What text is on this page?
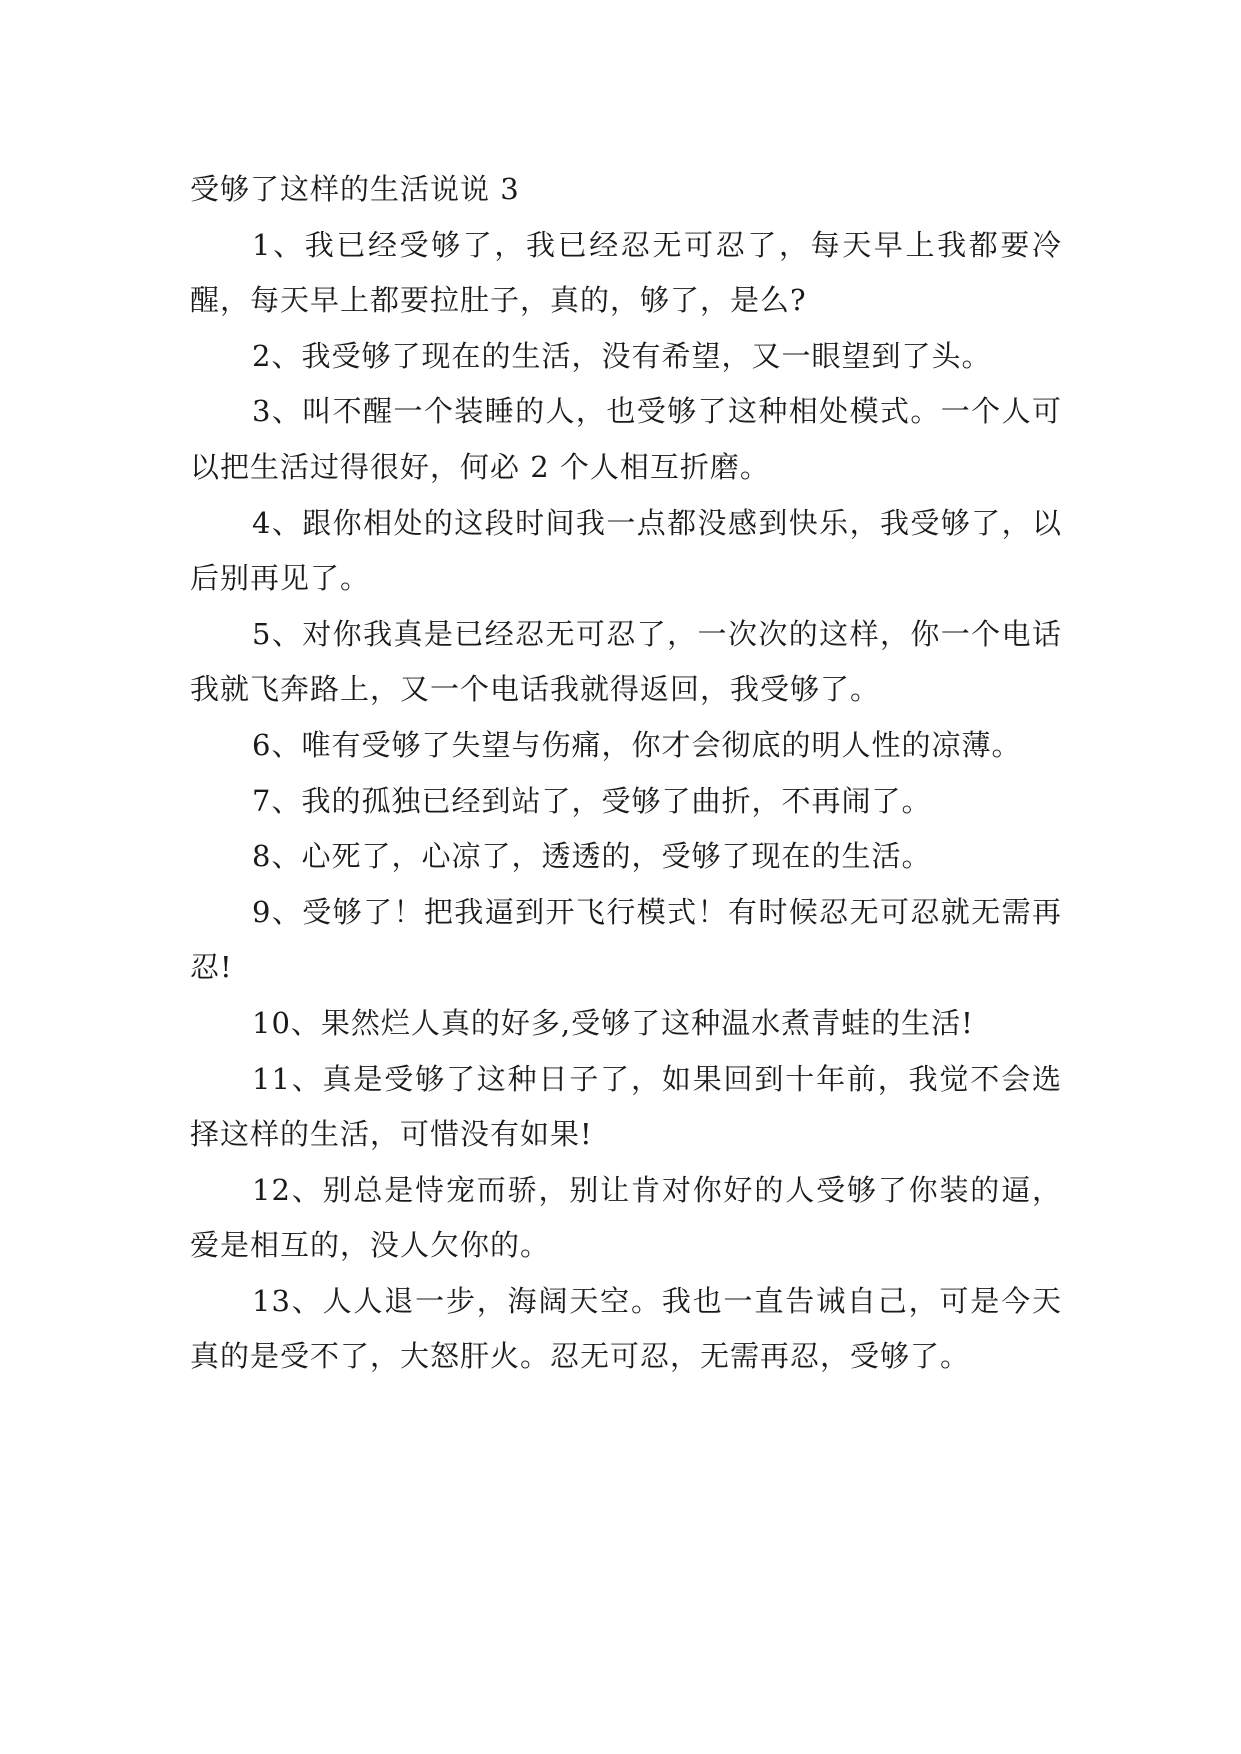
受够了这样的生活说说 3

1、我已经受够了，我已经忍无可忍了，每天早上我都要冷醒，每天早上都要拉肚子，真的，够了，是么?

2、我受够了现在的生活，没有希望，又一眼望到了头。

3、叫不醒一个装睡的人，也受够了这种相处模式。一个人可以把生活过得很好，何必 2 个人相互折磨。

4、跟你相处的这段时间我一点都没感到快乐，我受够了，以后别再见了。

5、对你我真是已经忍无可忍了，一次次的这样，你一个电话我就飞奔路上，又一个电话我就得返回，我受够了。

6、唯有受够了失望与伤痛，你才会彻底的明人性的凉薄。

7、我的孤独已经到站了，受够了曲折，不再闹了。

8、心死了，心凉了，透透的，受够了现在的生活。

9、受够了！把我逼到开飞行模式！有时候忍无可忍就无需再忍!

10、果然烂人真的好多,受够了这种温水煮青蛙的生活!

11、真是受够了这种日子了，如果回到十年前，我觉不会选择这样的生活，可惜没有如果!

12、别总是恃宠而骄，别让肯对你好的人受够了你装的逼，爱是相互的，没人欠你的。

13、人人退一步，海阔天空。我也一直告诫自己，可是今天真的是受不了，大怒肝火。忍无可忍，无需再忍，受够了。
